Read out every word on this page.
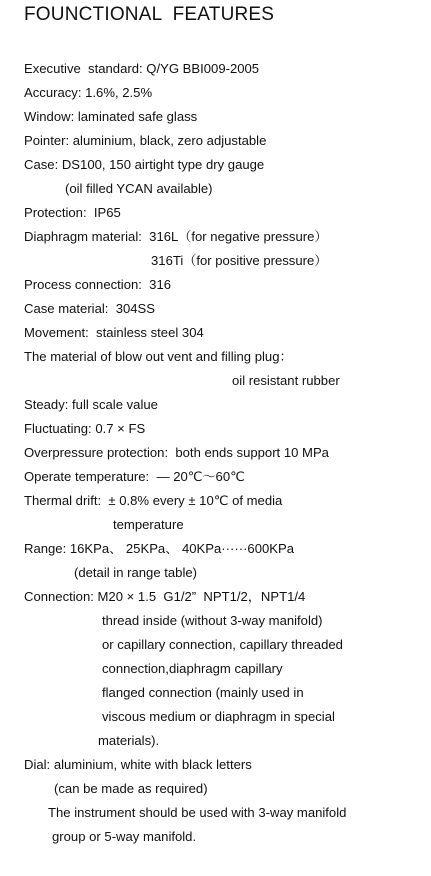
FOUNCTIONAL  FEATURES
Executive  standard: Q/YG BBI009-2005
Accuracy: 1.6%, 2.5%
Window: laminated safe glass
Pointer: aluminium, black, zero adjustable
Case: DS100, 150 airtight type dry gauge
(oil filled YCAN available)
Protection:  IP65
Diaphragm material:  316L（for negative pressure）
316Ti（for positive pressure）
Process connection:  316
Case material:  304SS
Movement:  stainless steel 304
The material of blow out vent and filling plug：
oil resistant rubber
Steady: full scale value
Fluctuating: 0.7 × FS
Overpressure protection:  both ends support 10 MPa
Operate temperature:  — 20℃～60℃
Thermal drift:  ± 0.8% every ± 10℃ of media
temperature
Range: 16KPa、 25KPa、 40KPa······600KPa
(detail in range table)
Connection: M20 × 1.5  G1/2”  NPT1/2，NPT1/4
thread inside (without 3-way manifold)
or capillary connection, capillary threaded
connection,diaphragm capillary
flanged connection (mainly used in
viscous medium or diaphragm in special
materials).
Dial: aluminium, white with black letters
(can be made as required)
The instrument should be used with 3-way manifold
group or 5-way manifold.
